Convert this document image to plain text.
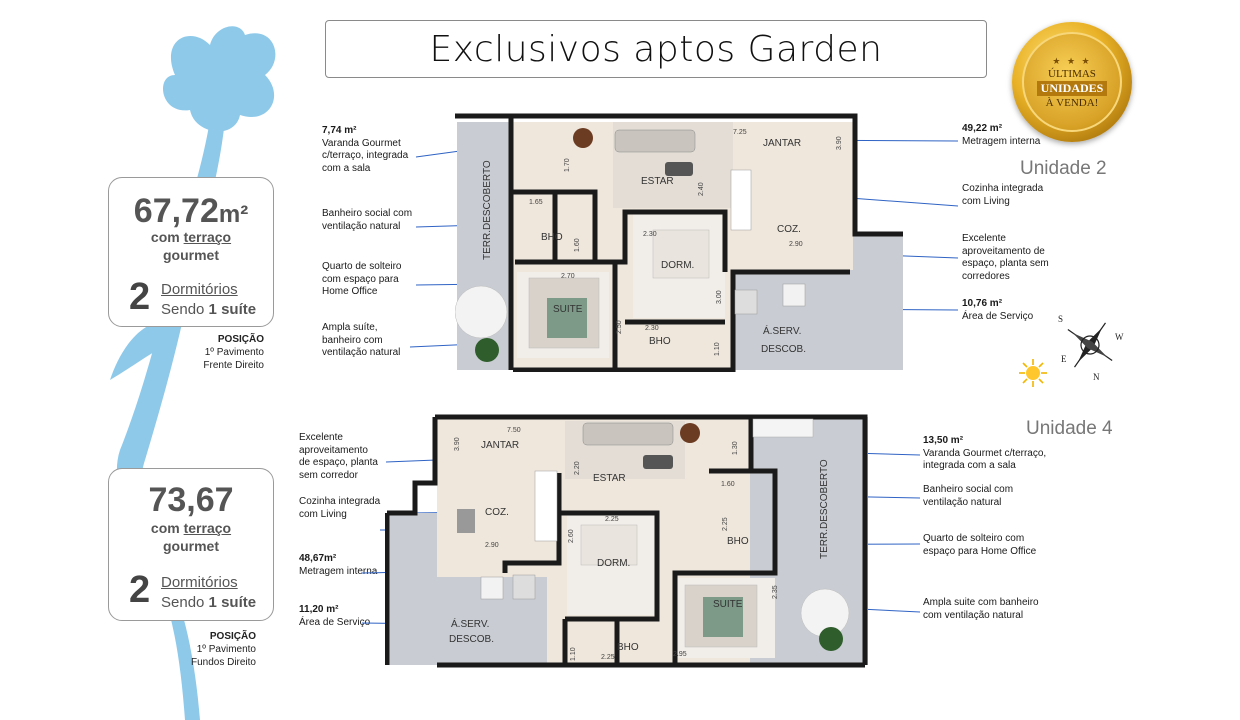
Exclusivos aptos Garden	★ ★ ★
ÚLTIMAS
UNIDADES
À VENDA!
67,72m²
com terraço
gourmet
2 Dormitórios
Sendo 1 suíte
POSIÇÃO
1º Pavimento
Frente Direito
73,67
com terraço
gourmet
2 Dormitórios
Sendo 1 suíte
POSIÇÃO
1º Pavimento
Fundos Direito
Unidade 2
Unidade 4
7,74 m²
Varanda Gourmet c/terraço, integrada com a sala
Banheiro social com ventilação natural
Quarto de solteiro com espaço para Home Office
Ampla suíte, banheiro com ventilação natural
49,22 m²
Metragem interna
Cozinha integrada com Living
Excelente aproveitamento de espaço, planta sem corredores
10,76 m²
Área de Serviço
Excelente aproveitamento de espaço, planta sem corredor
Cozinha integrada com Living
48,67m²
Metragem interna
11,20 m²
Área de Serviço
13,50 m²
Varanda Gourmet c/terraço, integrada com a sala
Banheiro social com ventilação natural
Quarto de solteiro com espaço para Home Office
Ampla suite com banheiro com ventilação natural
ESTAR
JANTAR
COZ.
DORM.
SUITE
BHO
BHO
Á.SERV.
DESCOB.
TERR.DESCOBERTO
7.25
3.90
1.70
2.40
1.65
1.60
2.30
2.90
2.70
3.00
2.50	2.30
1.10
JANTAR
ESTAR
COZ.
DORM.
SUITE
BHO
BHO
Á.SERV.
DESCOB.
TERR.DESCOBERTO
7.50
3.90
2.20
1.30
1.60
2.25
2.25
2.60
2.90
2.35
1.10	2.25	2.95
S
W
E
N
